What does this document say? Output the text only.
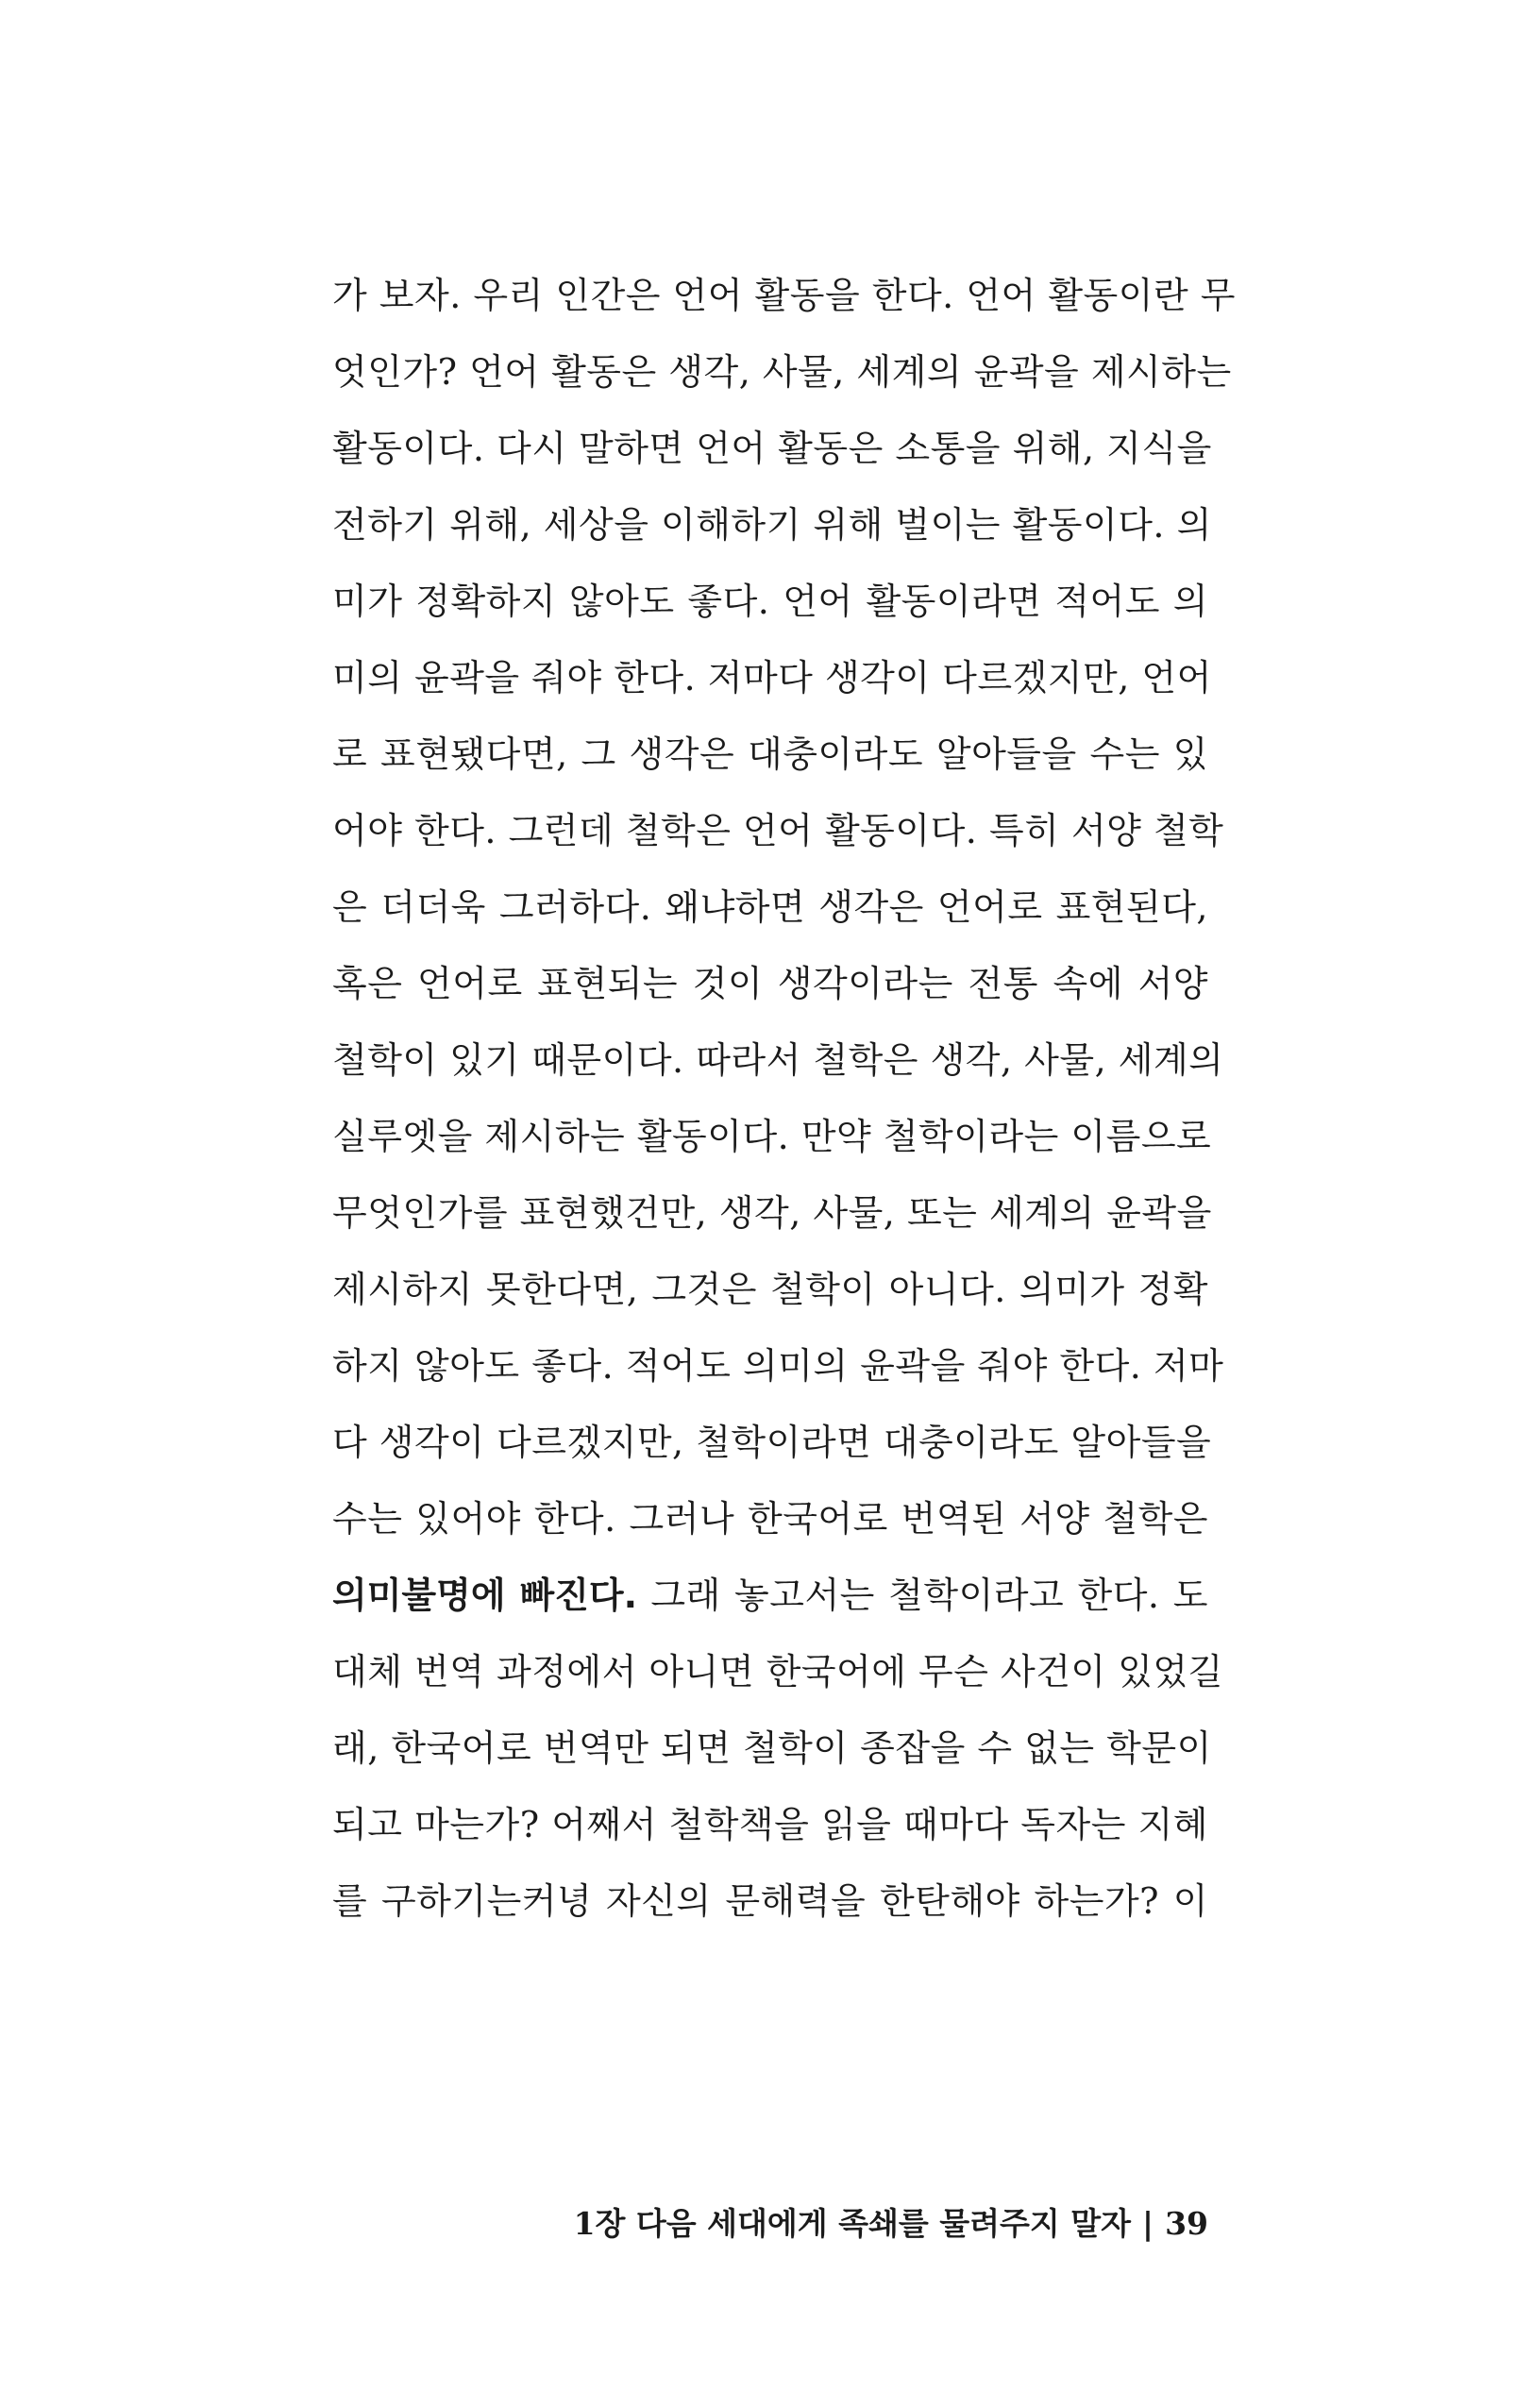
가 보자. 우리 인간은 언어 활동을 한다. 언어 활동이란 무
엇인가? 언어 활동은 생각, 사물, 세계의 윤곽을 제시하는
활동이다. 다시 말하면 언어 활동은 소통을 위해, 지식을
전하기 위해, 세상을 이해하기 위해 벌이는 활동이다. 의
미가 정확하지 않아도 좋다. 언어 활동이라면 적어도 의
미의 윤곽을 줘야 한다. 저마다 생각이 다르겠지만, 언어
로 표현됐다면, 그 생각은 대충이라도 알아들을 수는 있
어야 한다. 그런데 철학은 언어 활동이다. 특히 서양 철학
은 더더욱 그러하다. 왜냐하면 생각은 언어로 표현된다,
혹은 언어로 표현되는 것이 생각이라는 전통 속에 서양
철학이 있기 때문이다. 따라서 철학은 생각, 사물, 세계의
실루엣을 제시하는 활동이다. 만약 철학이라는 이름으로
무엇인가를 표현했건만, 생각, 사물, 또는 세계의 윤곽을
제시하지 못한다면, 그것은 철학이 아니다. 의미가 정확
하지 않아도 좋다. 적어도 의미의 윤곽을 줘야 한다. 저마
다 생각이 다르겠지만, 철학이라면 대충이라도 알아들을
수는 있어야 한다. 그러나 한국어로 번역된 서양 철학은
의미불명에 빠진다. 그래 놓고서는 철학이라고 한다. 도
대체 번역 과정에서 아니면 한국어에 무슨 사건이 있었길
래, 한국어로 번역만 되면 철학이 종잡을 수 없는 학문이
되고 마는가? 어째서 철학책을 읽을 때마다 독자는 지혜
를 구하기는커녕 자신의 문해력을 한탄해야 하는가? 이
1장 다음 세대에게 족쇄를 물려주지 말자 | 39
